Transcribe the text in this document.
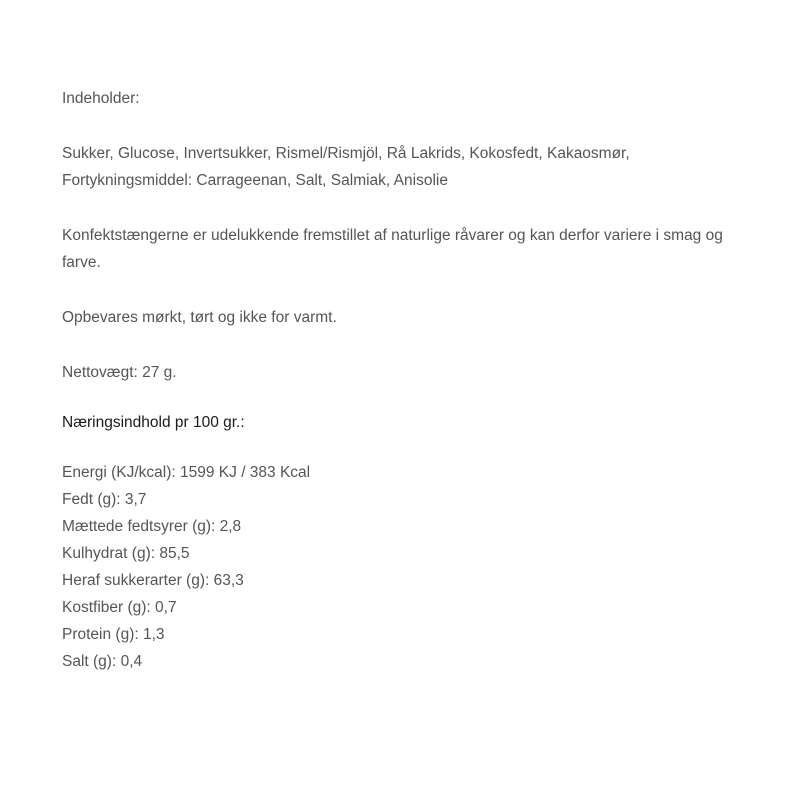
Indeholder:

Sukker, Glucose, Invertsukker, Rismel/Rismjöl, Rå Lakrids, Kokosfedt, Kakaosmør, Fortykningsmiddel: Carrageenan, Salt, Salmiak, Anisolie

Konfektstængerne er udelukkende fremstillet af naturlige råvarer og kan derfor variere i smag og farve.

Opbevares mørkt, tørt og ikke for varmt.

Nettovægt: 27 g.

Næringsindhold pr 100 gr.:

Energi (KJ/kcal): 1599 KJ / 383 Kcal
Fedt (g): 3,7
Mættede fedtsyrer (g): 2,8
Kulhydrat (g): 85,5
Heraf sukkerarter (g): 63,3
Kostfiber (g): 0,7
Protein (g): 1,3
Salt (g): 0,4
